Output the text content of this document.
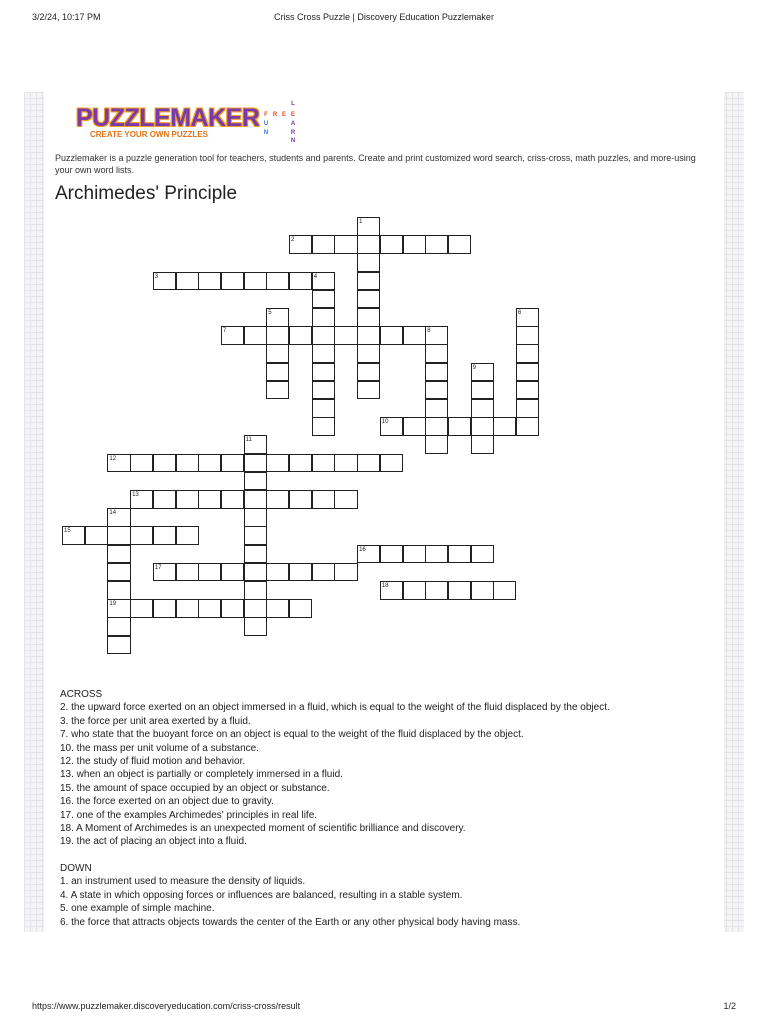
3/2/24, 10:17 PM	Criss Cross Puzzle | Discovery Education Puzzlemaker
PUZZLEMAKER
CREATE YOUR OWN PUZZLES
F R E E
U
N
L
A
R
N
Puzzlemaker is a puzzle generation tool for teachers, students and parents. Create and print customized word search, criss-cross, math puzzles, and more-using your own word lists.
Archimedes' Principle
1
2
3	4
5	6
7	8
9
10
11
12
13
14
15
16
17
18
19
ACROSS
2. the upward force exerted on an object immersed in a fluid, which is equal to the weight of the fluid displaced by the object.
3. the force per unit area exerted by a fluid.
7. who state that the buoyant force on an object is equal to the weight of the fluid displaced by the object.
10. the mass per unit volume of a substance.
12. the study of fluid motion and behavior.
13. when an object is partially or completely immersed in a fluid.
15. the amount of space occupied by an object or substance.
16. the force exerted on an object due to gravity.
17. one of the examples Archimedes' principles in real life.
18. A Moment of Archimedes is an unexpected moment of scientific brilliance and discovery.
19. the act of placing an object into a fluid.
DOWN
1. an instrument used to measure the density of liquids.
4. A state in which opposing forces or influences are balanced, resulting in a stable system.
5. one example of simple machine.
6. the force that attracts objects towards the center of the Earth or any other physical body having mass.
https://www.puzzlemaker.discoveryeducation.com/criss-cross/result	1/2
